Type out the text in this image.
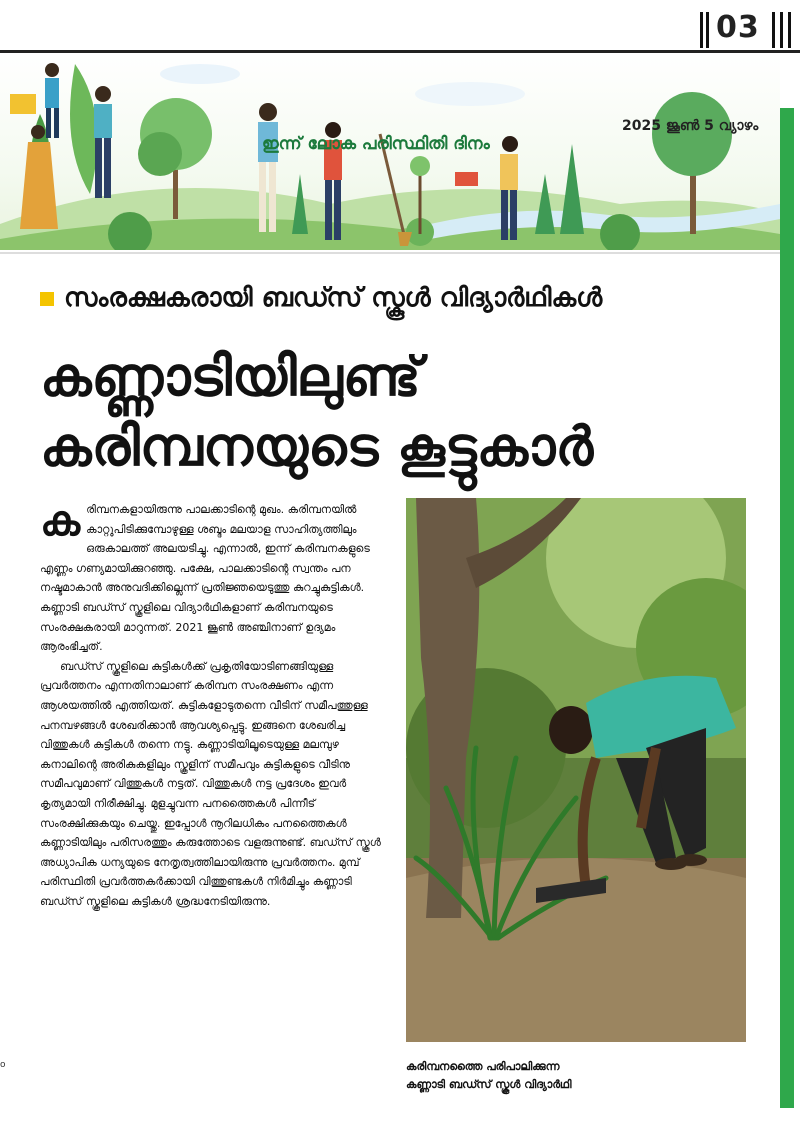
03
ഇന്ന് ലോക പരിസ്ഥിതി ദിനം
2025 ജൂൺ 5 വ്യാഴം
സംരക്ഷകരായി ബഡ്സ് സ്കൂൾ വിദ്യാർഥികൾ
കണ്ണാടിയിലുണ്ട്
കരിമ്പനയുടെ കൂട്ടുകാർ

കരിമ്പനകളായിരുന്നു പാലക്കാടിന്റെ മുഖം. കരിമ്പനയിൽ കാറ്റുപിടിക്കുമ്പോഴുള്ള ശബ്ദം മലയാള സാഹിത്യത്തിലും ഒരുകാലത്ത് അലയടിച്ചു. എന്നാൽ, ഇന്ന് കരിമ്പനകളുടെ എണ്ണം ഗണ്യമായിക്കുറഞ്ഞു. പക്ഷേ, പാലക്കാടിന്റെ സ്വന്തം പന നഷ്ടമാകാൻ അനുവദിക്കില്ലെന്ന് പ്രതിജ്ഞയെടുത്തു കുറച്ചുകുട്ടികൾ. കണ്ണാടി ബഡ്സ് സ്കൂളിലെ വിദ്യാർഥികളാണ് കരിമ്പനയുടെ സംരക്ഷകരായി മാറുന്നത്. 2021 ജൂൺ അഞ്ചിനാണ് ഉദ്യമം ആരംഭിച്ചത്.

ബഡ്സ് സ്കൂളിലെ കുട്ടികൾക്ക് പ്രകൃതിയോടിണങ്ങിയുള്ള പ്രവർത്തനം എന്നതിനാലാണ് കരിമ്പന സംരക്ഷണം എന്ന ആശയത്തിൽ എത്തിയത്. കുട്ടികളോടുതന്നെ വീടിന് സമീപത്തുള്ള പനമ്പഴങ്ങൾ ശേഖരിക്കാൻ ആവശ്യപ്പെട്ടു. ഇങ്ങനെ ശേഖരിച്ച വിത്തുകൾ കുട്ടികൾ തന്നെ നട്ടു. കണ്ണാടിയിലൂടെയുള്ള മലമ്പുഴ കനാലിന്റെ അരികുകളിലും സ്കൂളിന് സമീപവും കുട്ടികളുടെ വീടിനു സമീപവുമാണ് വിത്തുകൾ നട്ടത്. വിത്തുകൾ നട്ട പ്രദേശം ഇവർ കൃത്യമായി നിരീക്ഷിച്ചു. മുളച്ചുവന്ന പനത്തൈകൾ പിന്നീട് സംരക്ഷിക്കുകയും ചെയ്തു. ഇപ്പോൾ നൂറിലധികം പനത്തൈകൾ കണ്ണാടിയിലും പരിസരത്തും കരുത്തോടെ വളരുന്നുണ്ട്. ബഡ്സ് സ്കൂൾ അധ്യാപിക ധന്യയുടെ നേതൃത്വത്തിലായിരുന്നു പ്രവർത്തനം. മുമ്പ് പരിസ്ഥിതി പ്രവർത്തകർക്കായി വിത്തുണ്ടകൾ നിർമിച്ചും കണ്ണാടി ബഡ്സ് സ്കൂളിലെ കുട്ടികൾ ശ്രദ്ധനേടിയിരുന്നു.

കരിമ്പനത്തൈ പരിപാലിക്കുന്ന
കണ്ണാടി ബഡ്സ് സ്കൂൾ വിദ്യാർഥി
o
